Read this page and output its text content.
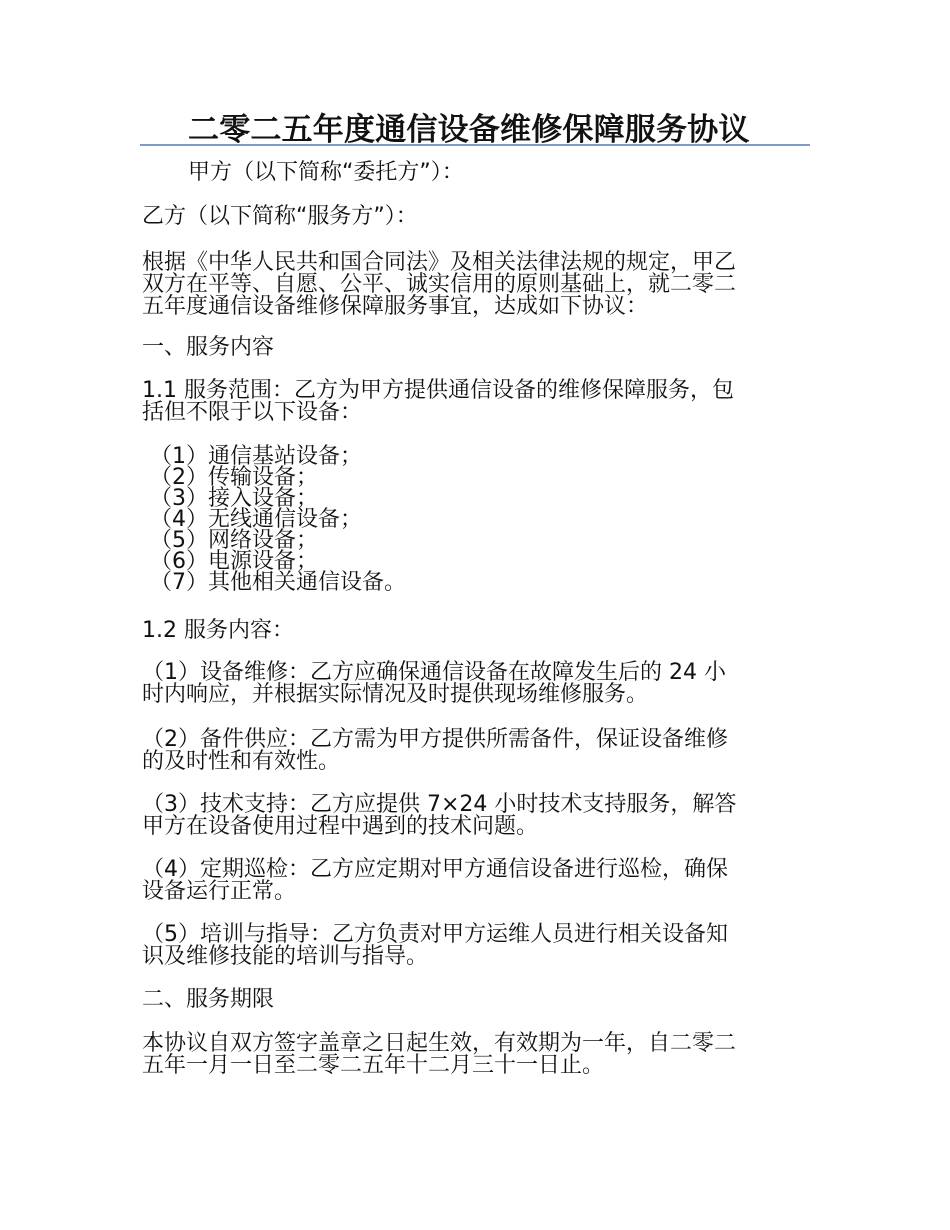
二零二五年度通信设备维修保障服务协议
甲方（以下简称“委托方”）：
乙方（以下简称“服务方”）：
根据《中华人民共和国合同法》及相关法律法规的规定，甲乙
双方在平等、自愿、公平、诚实信用的原则基础上，就二零二
五年度通信设备维修保障服务事宜，达成如下协议：
一、服务内容
1.1 服务范围：乙方为甲方提供通信设备的维修保障服务，包
括但不限于以下设备：
（1）通信基站设备；
（2）传输设备；
（3）接入设备；
（4）无线通信设备；
（5）网络设备；
（6）电源设备；
（7）其他相关通信设备。
1.2 服务内容：
（1）设备维修：乙方应确保通信设备在故障发生后的 24 小
时内响应，并根据实际情况及时提供现场维修服务。
（2）备件供应：乙方需为甲方提供所需备件，保证设备维修
的及时性和有效性。
（3）技术支持：乙方应提供 7×24 小时技术支持服务，解答
甲方在设备使用过程中遇到的技术问题。
（4）定期巡检：乙方应定期对甲方通信设备进行巡检，确保
设备运行正常。
（5）培训与指导：乙方负责对甲方运维人员进行相关设备知
识及维修技能的培训与指导。
二、服务期限
本协议自双方签字盖章之日起生效，有效期为一年，自二零二
五年一月一日至二零二五年十二月三十一日止。
